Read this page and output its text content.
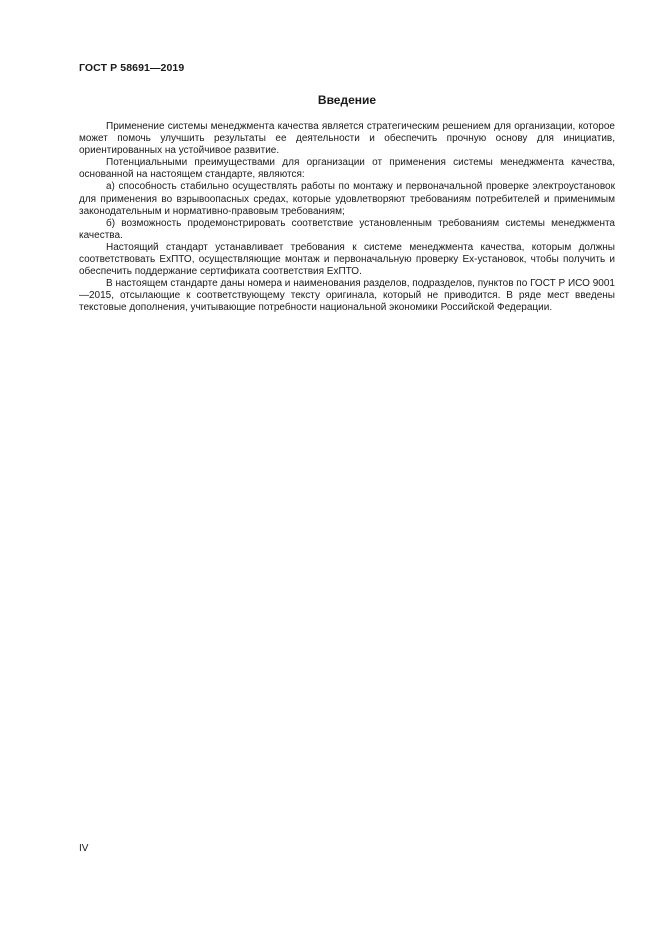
ГОСТ Р 58691—2019
Введение

Применение системы менеджмента качества является стратегическим решением для организации, которое может помочь улучшить результаты ее деятельности и обеспечить прочную основу для инициатив, ориентированных на устойчивое развитие.

Потенциальными преимуществами для организации от применения системы менеджмента качества, основанной на настоящем стандарте, являются:

а) способность стабильно осуществлять работы по монтажу и первоначальной проверке электроустановок для применения во взрывоопасных средах, которые удовлетворяют требованиям потребителей и применимым законодательным и нормативно-правовым требованиям;

б) возможность продемонстрировать соответствие установленным требованиям системы менеджмента качества.

Настоящий стандарт устанавливает требования к системе менеджмента качества, которым должны соответствовать ExПТО, осуществляющие монтаж и первоначальную проверку Ex-установок, чтобы получить и обеспечить поддержание сертификата соответствия ExПТО.

В настоящем стандарте даны номера и наименования разделов, подразделов, пунктов по ГОСТ Р ИСО 9001—2015, отсылающие к соответствующему тексту оригинала, который не приводится. В ряде мест введены текстовые дополнения, учитывающие потребности национальной экономики Российской Федерации.

IV
